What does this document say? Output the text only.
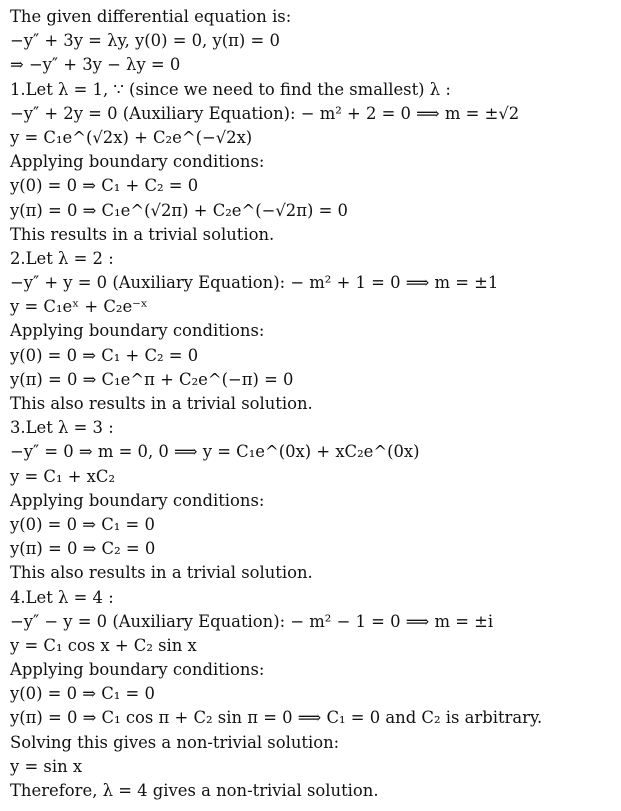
The given differential equation is:
−y″ + 3y = λy, y(0) = 0, y(π) = 0
⇒ −y″ + 3y − λy = 0
1.Let λ = 1, ∵ (since we need to find the smallest) λ :
−y″ + 2y = 0 (Auxiliary Equation): − m² + 2 = 0 ⟹ m = ±√2
y = C₁e^(√2x) + C₂e^(−√2x)
Applying boundary conditions:
y(0) = 0 ⇒ C₁ + C₂ = 0
y(π) = 0 ⇒ C₁e^(√2π) + C₂e^(−√2π) = 0
This results in a trivial solution.
2.Let λ = 2 :
−y″ + y = 0 (Auxiliary Equation): − m² + 1 = 0 ⟹ m = ±1
y = C₁eˣ + C₂e⁻ˣ
Applying boundary conditions:
y(0) = 0 ⇒ C₁ + C₂ = 0
y(π) = 0 ⇒ C₁e^π + C₂e^(−π) = 0
This also results in a trivial solution.
3.Let λ = 3 :
−y″ = 0 ⇒ m = 0, 0 ⟹ y = C₁e^(0x) + xC₂e^(0x)
y = C₁ + xC₂
Applying boundary conditions:
y(0) = 0 ⇒ C₁ = 0
y(π) = 0 ⇒ C₂ = 0
This also results in a trivial solution.
4.Let λ = 4 :
−y″ − y = 0 (Auxiliary Equation): − m² − 1 = 0 ⟹ m = ±i
y = C₁ cos x + C₂ sin x
Applying boundary conditions:
y(0) = 0 ⇒ C₁ = 0
y(π) = 0 ⇒ C₁ cos π + C₂ sin π = 0 ⟹ C₁ = 0 and C₂ is arbitrary.
Solving this gives a non-trivial solution:
y = sin x
Therefore, λ = 4 gives a non-trivial solution.
